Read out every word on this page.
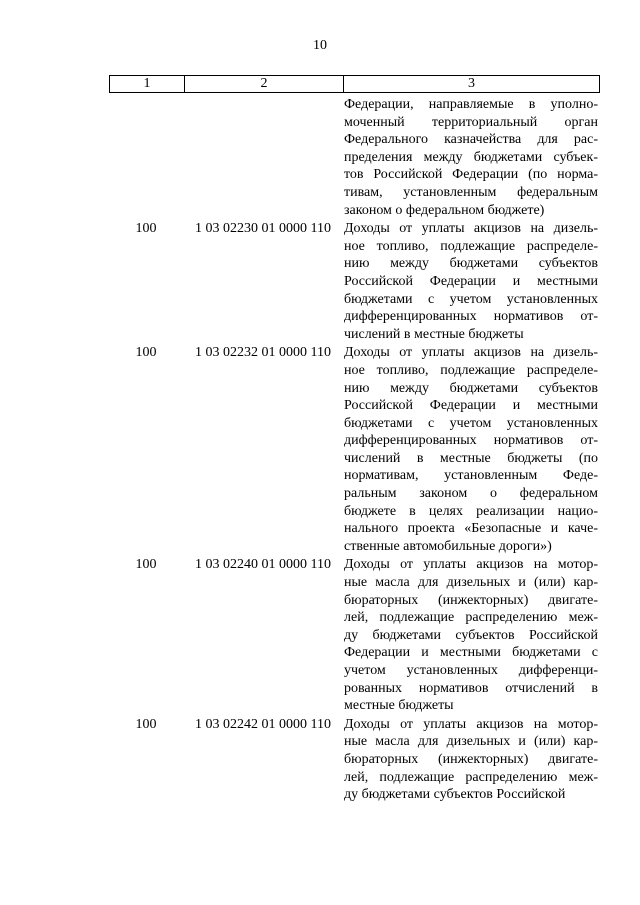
10
1	2	3
Федерации, направляемые в уполно-
моченный территориальный орган
Федерального казначейства для рас-
пределения между бюджетами субъек-
тов Российской Федерации (по норма-
тивам, установленным федеральным
законом о федеральном бюджете)
100	1 03 02230 01 0000 110 Доходы от уплаты акцизов на дизель-
ное топливо, подлежащие распределе-
нию между бюджетами субъектов
Российской Федерации и местными
бюджетами с учетом установленных
дифференцированных нормативов от-
числений в местные бюджеты
100	1 03 02232 01 0000 110 Доходы от уплаты акцизов на дизель-
ное топливо, подлежащие распределе-
нию между бюджетами субъектов
Российской Федерации и местными
бюджетами с учетом установленных
дифференцированных нормативов от-
числений в местные бюджеты (по
нормативам, установленным Феде-
ральным законом о федеральном
бюджете в целях реализации нацио-
нального проекта «Безопасные и каче-
ственные автомобильные дороги»)
100	1 03 02240 01 0000 110 Доходы от уплаты акцизов на мотор-
ные масла для дизельных и (или) кар-
бюраторных (инжекторных) двигате-
лей, подлежащие распределению меж-
ду бюджетами субъектов Российской
Федерации и местными бюджетами с
учетом установленных дифференци-
рованных нормативов отчислений в
местные бюджеты
100	1 03 02242 01 0000 110 Доходы от уплаты акцизов на мотор-
ные масла для дизельных и (или) кар-
бюраторных (инжекторных) двигате-
лей, подлежащие распределению меж-
ду бюджетами субъектов Российской
